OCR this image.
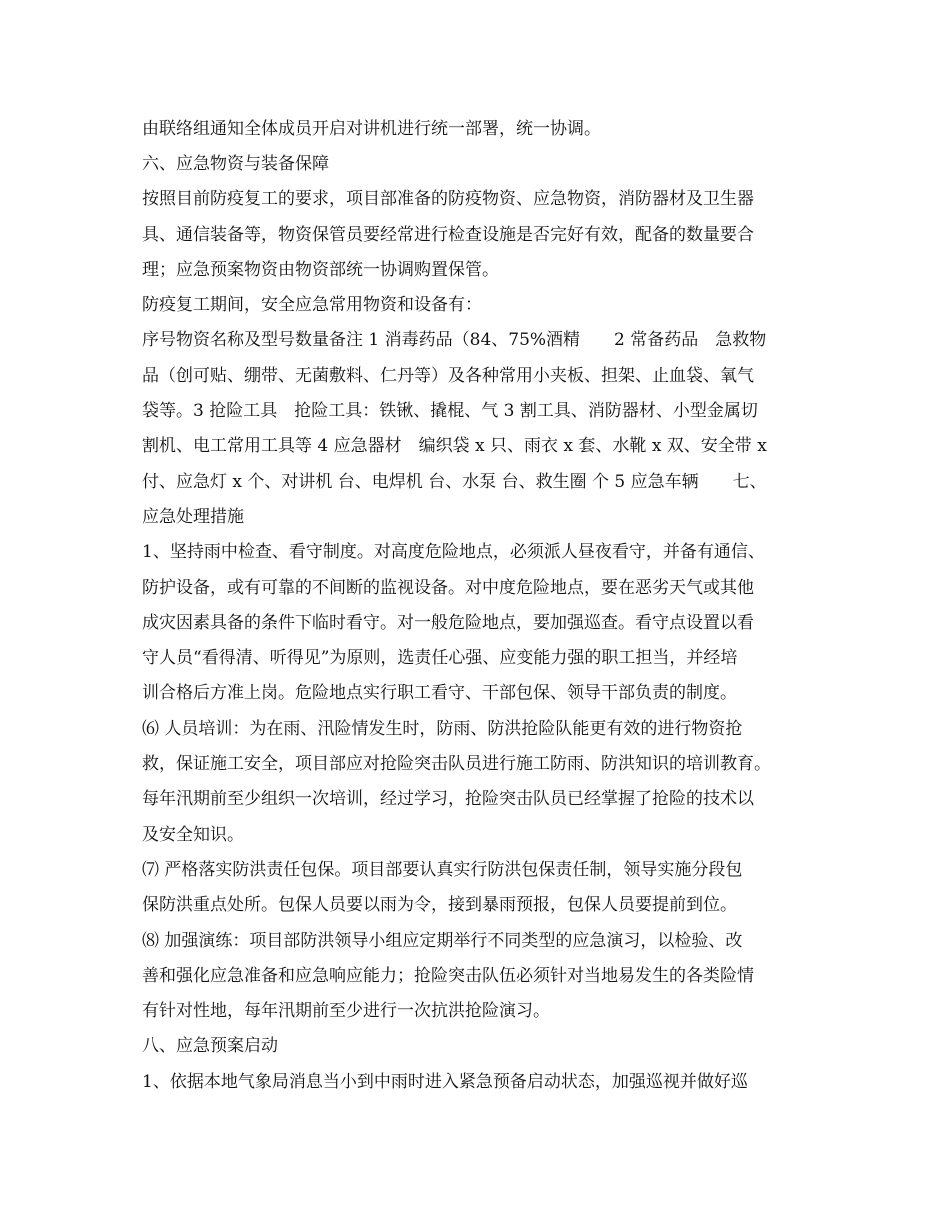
由联络组通知全体成员开启对讲机进行统一部署，统一协调。
六、应急物资与装备保障
按照目前防疫复工的要求，项目部准备的防疫物资、应急物资，消防器材及卫生器
具、通信装备等，物资保管员要经常进行检查设施是否完好有效，配备的数量要合
理；应急预案物资由物资部统一协调购置保管。
防疫复工期间，安全应急常用物资和设备有：
序号物资名称及型号数量备注 1 消毒药品（84、75%酒精　　2 常备药品　急救物
品（创可贴、绷带、无菌敷料、仁丹等）及各种常用小夹板、担架、止血袋、氧气
袋等。3 抢险工具　抢险工具：铁锹、撬棍、气 3 割工具、消防器材、小型金属切
割机、电工常用工具等 4 应急器材　编织袋 x 只、雨衣 x 套、水靴 x 双、安全带 x
付、应急灯 x 个、对讲机 台、电焊机 台、水泵 台、救生圈 个 5 应急车辆　　七、
应急处理措施
1、坚持雨中检查、看守制度。对高度危险地点，必须派人昼夜看守，并备有通信、
防护设备，或有可靠的不间断的监视设备。对中度危险地点，要在恶劣天气或其他
成灾因素具备的条件下临时看守。对一般危险地点，要加强巡查。看守点设置以看
守人员“看得清、听得见”为原则，选责任心强、应变能力强的职工担当，并经培
训合格后方准上岗。危险地点实行职工看守、干部包保、领导干部负责的制度。
⑹ 人员培训：为在雨、汛险情发生时，防雨、防洪抢险队能更有效的进行物资抢
救，保证施工安全，项目部应对抢险突击队员进行施工防雨、防洪知识的培训教育。
每年汛期前至少组织一次培训，经过学习，抢险突击队员已经掌握了抢险的技术以
及安全知识。
⑺ 严格落实防洪责任包保。项目部要认真实行防洪包保责任制，领导实施分段包
保防洪重点处所。包保人员要以雨为令，接到暴雨预报，包保人员要提前到位。
⑻ 加强演练：项目部防洪领导小组应定期举行不同类型的应急演习，以检验、改
善和强化应急准备和应急响应能力；抢险突击队伍必须针对当地易发生的各类险情
有针对性地，每年汛期前至少进行一次抗洪抢险演习。
八、应急预案启动
1、依据本地气象局消息当小到中雨时进入紧急预备启动状态，加强巡视并做好巡
